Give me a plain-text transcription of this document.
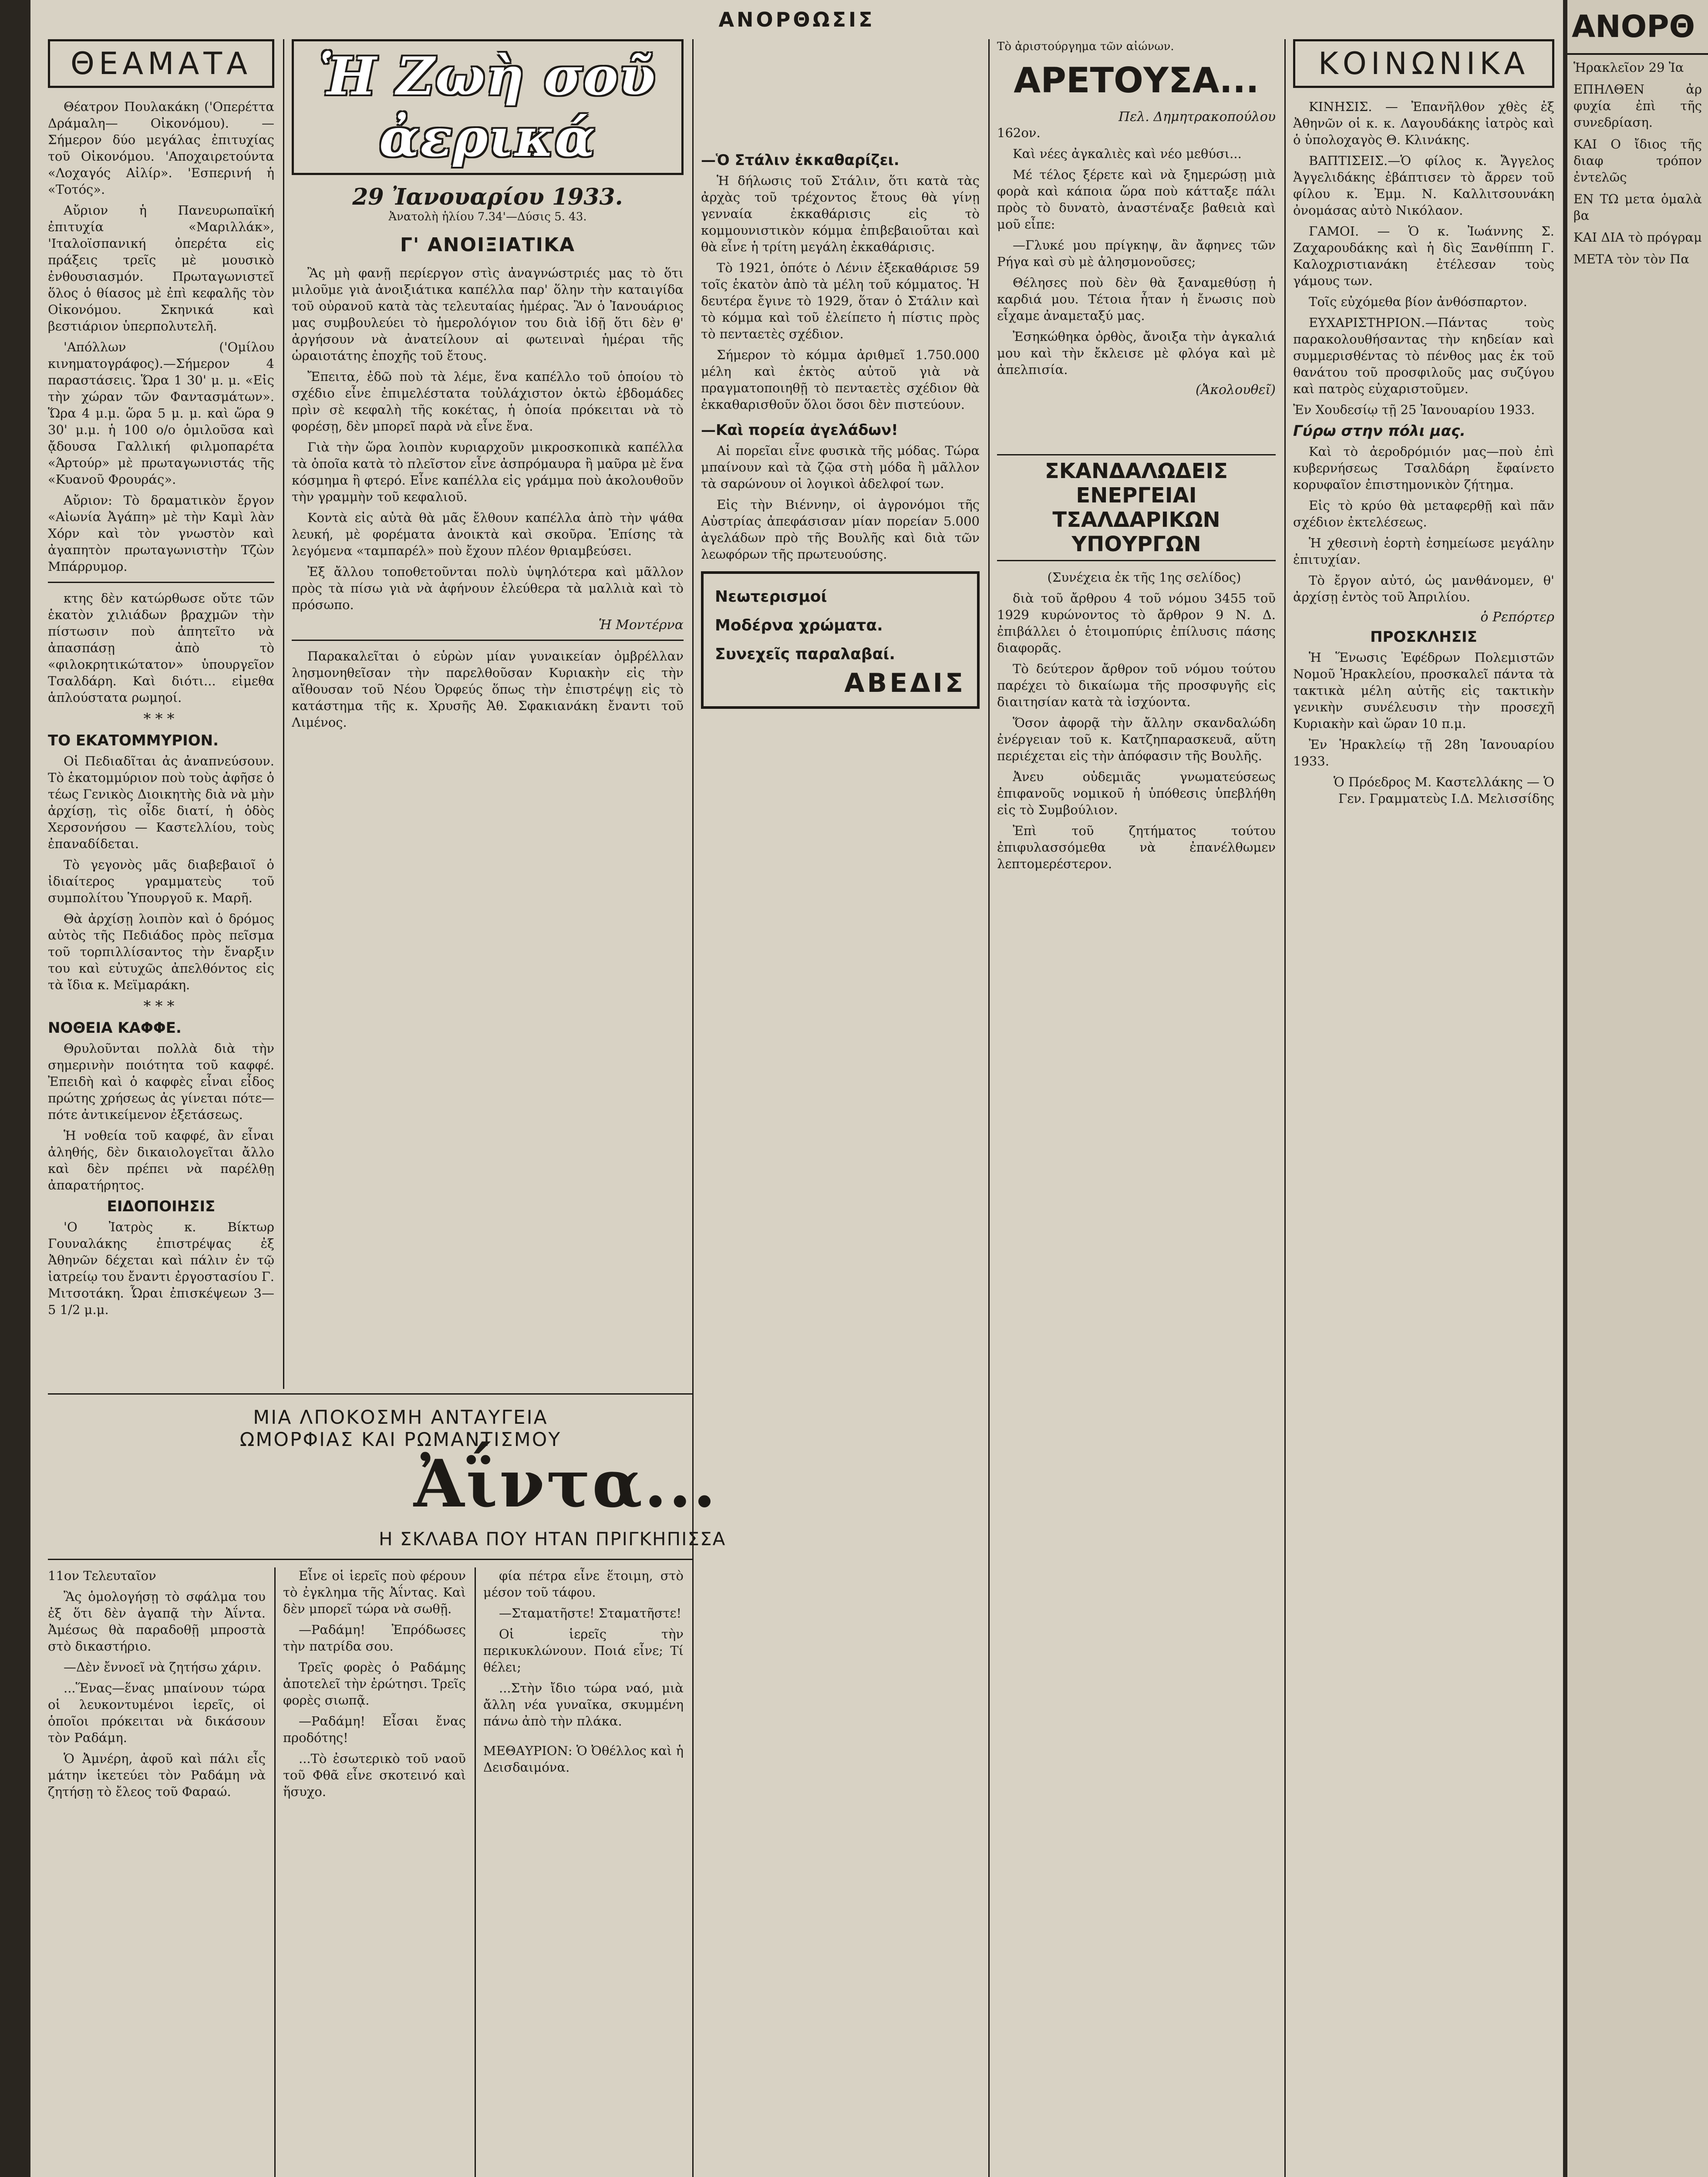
ΑΝΟΡΘΩΣΙΣ
ΘΕΑΜΑΤΑ

Θέατρον Πουλακάκη ('Οπερέττα Δράμαλη— Οἰκονόμου). — Σήμερον δύο μεγάλας ἐπιτυχίας τοῦ Οἰκονόμου. 'Αποχαιρετούντα «Λοχαγός Αἰλίρ». 'Εσπερινή ἡ «Τοτός».

Αὔριον ἡ Πανευρωπαϊκή ἐπιτυχία «Μαριλλάκ», 'Ιταλοϊσπανική ὀπερέτα εἰς πράξεις τρεῖς μὲ μουσικὸ ἐνθουσιασμόν. Πρωταγωνιστεῖ ὅλος ὁ θίασος μὲ ἐπὶ κεφαλῆς τὸν Οἰκονόμου. Σκηνικά καὶ βεστιάριον ὑπερπολυτελῆ.

'Απόλλων ('Ομίλου κινηματογράφος).—Σήμερον 4 παραστάσεις. Ὥρα 1 30' μ. μ. «Εἰς τὴν χώραν τῶν Φαντασμάτων». Ὥρα 4 μ.μ. ὥρα 5 μ. μ. καὶ ὥρα 9 30' μ.μ. ἡ 100 ο/ο ὁμιλοῦσα καὶ ᾄδουσα Γαλλική φιλμοπαρέτα «Άρτούρ» μὲ πρωταγωνιστάς τῆς «Κυανοῦ Φρουράς».

Αὔριον: Τὸ δραματικὸν ἔργον «Αἰωνία Ἀγάπη» μὲ τὴν Καμὶ λὰν Χόρν καὶ τὸν γνωστὸν καὶ ἀγαπητὸν πρωταγωνιστὴν Τζὼν Μπάρρυμορ.

κτης δὲν κατώρθωσε οὔτε τῶν ἑκατὸν χιλιάδων βραχμῶν τὴν πίστωσιν ποὺ ἀπητεῖτο νὰ ἀπασπάσῃ ἀπὸ τὸ «φιλοκρητικώτατον» ὑπουργεῖον Τσαλδάρη. Καὶ διότι... εἰμεθα ἁπλούστατα ρωμηοί.

***
ΤΟ ΕΚΑΤΟΜΜΥΡΙΟΝ.

Οἱ Πεδιαδῖται ἀς ἀναπνεύσουν. Τὸ ἑκατομμύριον ποὺ τοὺς ἀφῆσε ὁ τέως Γενικὸς Διοικητὴς διὰ νὰ μὴν ἀρχίσῃ, τὶς οἶδε διατί, ἡ ὁδὸς Χερσονήσου — Καστελλίου, τοὺς ἐπαναδίδεται.

Τὸ γεγονὸς μᾶς διαβεβαιοῖ ὁ ἰδιαίτερος γραμματεὺς τοῦ συμπολίτου Ὑπουργοῦ κ. Μαρῆ.

Θὰ ἀρχίσῃ λοιπὸν καὶ ὁ δρόμος αὐτὸς τῆς Πεδιάδος πρὸς πεῖσμα τοῦ τορπιλλίσαντος τὴν ἔναρξιν του καὶ εὐτυχῶς ἀπελθόντος εἰς τὰ ἴδια κ. Μεϊμαράκη.

***
ΝΟΘΕΙΑ ΚΑΦΦΕ.

Θρυλοῦνται πολλὰ διὰ τὴν σημερινὴν ποιότητα τοῦ καφφέ. Ἐπειδὴ καὶ ὁ καφφὲς εἶναι εἶδος πρώτης χρήσεως ἀς γίνεται πότε—πότε ἀντικείμενον ἐξετάσεως.

Ἡ νοθεία τοῦ καφφέ, ἂν εἶναι ἀληθής, δὲν δικαιολογεῖται ἄλλο καὶ δὲν πρέπει νὰ παρέλθῃ ἀπαρατήρητος.

ΕΙΔΟΠΟΙΗΣΙΣ

'Ο Ἰατρὸς κ. Βίκτωρ Γουναλάκης ἐπιστρέψας ἐξ Ἀθηνῶν δέχεται καὶ πάλιν ἐν τῷ ἰατρείῳ του ἔναντι ἐργοστασίου Γ. Μιτσοτάκη. Ὧραι ἐπισκέψεων 3—5 1/2 μ.μ.

Ἡ Ζωὴ σοῦ ἀερικά
29 Ἰανουαρίου 1933.
Ἀνατολὴ ἡλίου 7.34'—Δύσις 5. 43.
Γ' ΑΝΟΙΞΙΑΤΙΚΑ

Ἂς μὴ φανῇ περίεργον στὶς ἀναγνώστριές μας τὸ ὅτι μιλοῦμε γιὰ ἀνοιξιάτικα καπέλλα παρ' ὅλην τὴν καταιγίδα τοῦ οὐρανοῦ κατὰ τὰς τελευταίας ἡμέρας. Ἂν ὁ Ἰανουάριος μας συμβουλεύει τὸ ἡμερολόγιον του διὰ ἰδῇ ὅτι δὲν θ' ἀργήσουν νὰ ἀνατείλουν αἱ φωτειναὶ ἡμέραι τῆς ὡραιοτάτης ἐποχῆς τοῦ ἔτους.

Ἔπειτα, ἐδῶ ποὺ τὰ λέμε, ἕνα καπέλλο τοῦ ὁποίου τὸ σχέδιο εἶνε ἐπιμελέστατα τοὐλάχιστον ὀκτὼ ἑβδομάδες πρὶν σὲ κεφαλὴ τῆς κοκέτας, ἡ ὁποία πρόκειται νὰ τὸ φορέσῃ, δὲν μπορεῖ παρὰ νὰ εἶνε ἕνα.

Γιὰ τὴν ὥρα λοιπὸν κυριαρχοῦν μικροσκοπικὰ καπέλλα τὰ ὁποῖα κατὰ τὸ πλεῖστον εἶνε ἀσπρόμαυρα ἢ μαῦρα μὲ ἕνα κόσμημα ἢ φτερό. Εἶνε καπέλλα εἰς γράμμα ποὺ ἀκολουθοῦν τὴν γραμμὴν τοῦ κεφαλιοῦ.

Κοντὰ εἰς αὐτὰ θὰ μᾶς ἔλθουν καπέλλα ἀπὸ τὴν ψάθα λευκή, μὲ φορέματα ἀνοικτὰ καὶ σκοῦρα. Ἐπίσης τὰ λεγόμενα «ταμπαρέλ» ποὺ ἔχουν πλέον θριαμβεύσει.

Ἐξ ἄλλου τοποθετοῦνται πολὺ ὑψηλότερα καὶ μᾶλλον πρὸς τὰ πίσω γιὰ νὰ ἀφήνουν ἐλεύθερα τὰ μαλλιὰ καὶ τὸ πρόσωπο.

Ἡ Μοντέρνα

Παρακαλεῖται ὁ εὑρὼν μίαν γυναικείαν ὀμβρέλλαν λησμονηθεῖσαν τὴν παρελθοῦσαν Κυριακὴν εἰς τὴν αἴθουσαν τοῦ Νέου Ὀρφεύς ὅπως τὴν ἐπιστρέψῃ εἰς τὸ κατάστημα τῆς κ. Χρυσῆς Ἀθ. Σφακιανάκη ἔναντι τοῦ Λιμένος.

—Ὁ Στάλιν ἐκκαθαρίζει.

Ἡ δήλωσις τοῦ Στάλιν, ὅτι κατὰ τὰς ἀρχὰς τοῦ τρέχοντος ἔτους θὰ γίνῃ γενναία ἐκκαθάρισις εἰς τὸ κομμουνιστικὸν κόμμα ἐπιβεβαιοῦται καὶ θὰ εἶνε ἡ τρίτη μεγάλη ἐκκαθάρισις.

Τὸ 1921, ὁπότε ὁ Λένιν ἐξεκαθάρισε 59 τοῖς ἑκατὸν ἀπὸ τὰ μέλη τοῦ κόμματος. Ἡ δευτέρα ἔγινε τὸ 1929, ὅταν ὁ Στάλιν καὶ τὸ κόμμα καὶ τοῦ ἐλείπετο ἡ πίστις πρὸς τὸ πενταετὲς σχέδιον.

Σήμερον τὸ κόμμα ἀριθμεῖ 1.750.000 μέλη καὶ ἐκτὸς αὐτοῦ γιὰ νὰ πραγματοποιηθῇ τὸ πενταετὲς σχέδιον θὰ ἐκκαθαρισθοῦν ὅλοι ὅσοι δὲν πιστεύουν.

—Καὶ πορεία ἀγελάδων!

Αἱ πορεῖαι εἶνε φυσικὰ τῆς μόδας. Τώρα μπαίνουν καὶ τὰ ζῷα στὴ μόδα ἢ μᾶλλον τὰ σαρώνουν οἱ λογικοὶ ἀδελφοί των.

Εἰς τὴν Βιέννην, οἱ ἀγρονόμοι τῆς Αὐστρίας ἀπεφάσισαν μίαν πορείαν 5.000 ἀγελάδων πρὸ τῆς Βουλῆς καὶ διὰ τῶν λεωφόρων τῆς πρωτευούσης.

Νεωτερισμοί
Μοδέρνα χρώματα.
Συνεχεῖς παραλαβαί.
ΑΒΕΔΙΣ
Τὸ ἀριστούργημα τῶν αἰώνων.
ΑΡΕΤΟΥΣΑ...
Πελ. Δημητρακοπούλου

162ον.

Καὶ νέες ἀγκαλιὲς καὶ νέο μεθύσι...

Μέ τέλος ξέρετε καὶ νὰ ξημερώσῃ μιὰ φορὰ καὶ κάποια ὥρα ποὺ κάτταξε πάλι πρὸς τὸ δυνατὸ, ἀναστέναξε βαθειὰ καὶ μοῦ εἶπε:

—Γλυκέ μου πρίγκηψ, ἂν ἄφηνες τῶν Ρήγα καὶ σὺ μὲ ἀλησμονοῦσες;

Θέλησες ποὺ δὲν θὰ ξαναμεθύσῃ ἡ καρδιά μου. Τέτοια ἦταν ἡ ἔνωσις ποὺ εἶχαμε ἀναμεταξύ μας.

Ἐσηκώθηκα ὀρθὸς, ἄνοιξα τὴν ἀγκαλιά μου καὶ τὴν ἔκλεισε μὲ φλόγα καὶ μὲ ἀπελπισία.

(Ἀκολουθεῖ)
ΣΚΑΝΔΑΛΩΔΕΙΣ ΕΝΕΡΓΕΙΑΙ ΤΣΑΛΔΑΡΙΚΩΝ ΥΠΟΥΡΓΩΝ

(Συνέχεια ἐκ τῆς 1ης σελίδος)

διὰ τοῦ ἄρθρου 4 τοῦ νόμου 3455 τοῦ 1929 κυρώνοντος τὸ ἄρθρον 9 Ν. Δ. ἐπιβάλλει ὁ ἑτοιμοπύρις ἐπίλυσις πάσης διαφορᾶς.

Τὸ δεύτερον ἄρθρον τοῦ νόμου τούτου παρέχει τὸ δικαίωμα τῆς προσφυγῆς εἰς διαιτησίαν κατὰ τὰ ἰσχύοντα.

Ὅσον ἀφορᾷ τὴν ἄλλην σκανδαλώδη ἐνέργειαν τοῦ κ. Κατζηπαρασκευᾶ, αὕτη περιέχεται εἰς τὴν ἀπόφασιν τῆς Βουλῆς.

Ἀνευ οὐδεμιᾶς γνωματεύσεως ἐπιφανοῦς νομικοῦ ἡ ὑπόθεσις ὑπεβλήθη εἰς τὸ Συμβούλιον.

Ἐπὶ τοῦ ζητήματος τούτου ἐπιφυλασσόμεθα νὰ ἐπανέλθωμεν λεπτομερέστερον.

ΚΟΙΝΩΝΙΚΑ

ΚΙΝΗΣΙΣ. — Ἐπανῆλθον χθὲς ἐξ Ἀθηνῶν οἱ κ. κ. Λαγουδάκης ἰατρὸς καὶ ὁ ὑπολοχαγὸς Θ. Κλινάκης.

ΒΑΠΤΙΣΕΙΣ.—Ὁ φίλος κ. Ἄγγελος Ἀγγελιδάκης ἐβάπτισεν τὸ ἄρρεν τοῦ φίλου κ. Ἐμμ. Ν. Καλλιτσουνάκη ὀνομάσας αὐτὸ Νικόλαον.

ΓΑΜΟΙ. — Ὁ κ. Ἰωάννης Σ. Ζαχαρουδάκης καὶ ἡ δὶς Ξανθίππη Γ. Καλοχριστιανάκη ἐτέλεσαν τοὺς γάμους των.

Τοῖς εὐχόμεθα βίον ἀνθόσπαρτον.

ΕΥΧΑΡΙΣΤΗΡΙΟΝ.—Πάντας τοὺς παρακολουθήσαντας τὴν κηδείαν καὶ συμμερισθέντας τὸ πένθος μας ἐκ τοῦ θανάτου τοῦ προσφιλοῦς μας συζύγου καὶ πατρὸς εὐχαριστοῦμεν.

Ἐν Χουδεσίῳ τῇ 25 Ἰανουαρίου 1933.

Γύρω στην πόλι μας.

Καὶ τὸ ἀεροδρόμιόν μας—ποὺ ἐπὶ κυβερνήσεως Τσαλδάρη ἔφαίνετο κορυφαῖον ἐπιστημονικὸν ζήτημα.

Εἰς τὸ κρύο θὰ μεταφερθῇ καὶ πᾶν σχέδιον ἐκτελέσεως.

Ἡ χθεσινὴ ἑορτὴ ἐσημείωσε μεγάλην ἐπιτυχίαν.

Τὸ ἔργον αὐτό, ὡς μανθάνομεν, θ' ἀρχίσῃ ἐντὸς τοῦ Ἀπριλίου.

ὁ Ρεπόρτερ
ΠΡΟΣΚΛΗΣΙΣ

Ἡ Ἕνωσις Ἐφέδρων Πολεμιστῶν Νομοῦ Ἡρακλείου, προσκαλεῖ πάντα τὰ τακτικὰ μέλη αὐτῆς εἰς τακτικὴν γενικὴν συνέλευσιν τὴν προσεχῆ Κυριακὴν καὶ ὥραν 10 π.μ.

Ἐν Ἡρακλείῳ τῇ 28η Ἰανουαρίου 1933.

Ὁ Πρόεδρος Μ. Καστελλάκης — Ὁ Γεν. Γραμματεὺς Ι.Δ. Μελισσίδης

ΜΙΑ ΛΠΟΚΟΣΜΗ ΑΝΤΑΥΓΕΙΑ ΩΜΟΡΦΙΑΣ ΚΑΙ ΡΩΜΑΝΤΙΣΜΟΥ
Ἀΐντα...
Η ΣΚΛΑΒΑ ΠΟΥ ΗΤΑΝ ΠΡΙΓΚΗΠΙΣΣΑ

11ον Τελευταῖον

Ἂς ὁμολογήσῃ τὸ σφάλμα του ἐξ ὅτι δὲν ἀγαπᾷ τὴν Ἀΐντα. Ἀμέσως θὰ παραδοθῇ μπροστὰ στὸ δικαστήριο.

—Δὲν ἔννοεῖ νὰ ζητήσω χάριν.

...Ἕνας—ἕνας μπαίνουν τώρα οἱ λευκοντυμένοι ἱερεῖς, οἱ ὁποῖοι πρόκειται νὰ δικάσουν τὸν Ραδάμη.

Ὁ Ἀμνέρη, ἀφοῦ καὶ πάλι εἶς μάτην ἱκετεύει τὸν Ραδάμη νὰ ζητήσῃ τὸ ἔλεος τοῦ Φαραώ.

Εἶνε οἱ ἱερεῖς ποὺ φέρουν τὸ ἐγκλημα τῆς Ἀΐντας. Καὶ δὲν μπορεῖ τώρα νὰ σωθῇ.

—Ραδάμη! Ἐπρόδωσες τὴν πατρίδα σου.

Τρεῖς φορὲς ὁ Ραδάμης ἀποτελεῖ τὴν ἐρώτησι. Τρεῖς φορὲς σιωπᾷ.

—Ραδάμη! Εἶσαι ἔνας προδότης!

...Τὸ ἐσωτερικὸ τοῦ ναοῦ τοῦ Φθᾶ εἶνε σκοτεινό καὶ ἥσυχο.

φία πέτρα εἶνε ἕτοιμη, στὸ μέσον τοῦ τάφου.

—Σταματῆστε! Σταματῆστε!

Οἱ ἱερεῖς τὴν περικυκλώνουν. Ποιά εἶνε; Τί θέλει;

...Στὴν ἴδιο τώρα ναό, μιὰ ἄλλη νέα γυναῖκα, σκυμμένη πάνω ἀπὸ τὴν πλάκα.

ΜΕΘΑΥΡΙΟΝ: Ὁ Ὀθέλλος καὶ ἡ Δεισδαιμόνα.

ΑΝΟΡΘ

Ἡρακλεῖον 29 Ἰα

ΕΠΗΛΘΕΝ ἀρ φυχία ἐπὶ τῆς συνεδρίαση.

ΚΑΙ Ο ἴδιος τῆς διαφ τρόπον ἐντελῶς

ΕΝ ΤΩ μετα ὁμαλὰ βα

ΚΑΙ ΔΙΑ τὸ πρόγραμ

ΜΕΤΑ τὸν τὸν Πα
